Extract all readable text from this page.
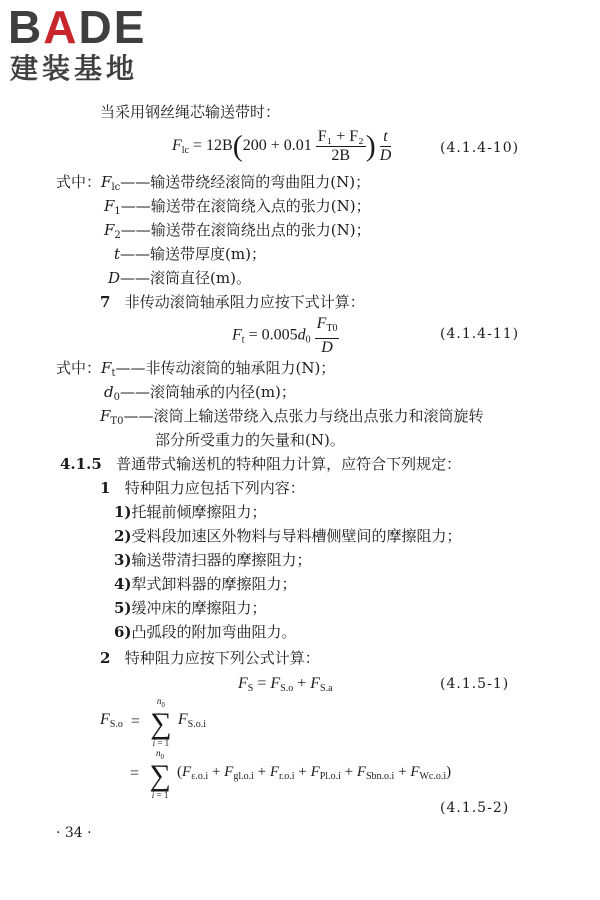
BADE
建装基地
当采用钢丝绳芯输送带时：
$F_{lc} = 12B(200 + 0.01 \frac{\text{F₁ + F₂}}{2B}$ ) $\frac{t}{D}$	(4.1.4-10)
式中：$F_{lc}——$输送带绕经滚筒的弯曲阻力(N)；
$F_1——$输送带在滚筒绕入点的张力(N)；
$F_2——$输送带在滚筒绕出点的张力(N)；
t——输送带厚度(m)；
D——滚筒直径(m)。
7 非传动滚筒轴承阻力应按下式计算：
$F_t = 0.005d_0 \frac{F_{T0}}{D}$	(4.1.4-11)
式中：$F_t——$非传动滚筒的轴承阻力(N)；
$d_0——$滚筒轴承的内径(m)；
$F_{T0}——$滚筒上输送带绕入点张力与绕出点张力和滚筒旋转
部分所受重力的矢量和(N)。
4.1.5 普通带式输送机的特种阻力计算，应符合下列规定：
1 特种阻力应包括下列内容：
1)托辊前倾摩擦阻力；
2)受料段加速区外物料与导料槽侧壁间的摩擦阻力；
3)输送带清扫器的摩擦阻力；
4)犁式卸料器的摩擦阻力；
5)缓冲床的摩擦阻力；
6)凸弧段的附加弯曲阻力。
2 特种阻力应按下列公式计算：
$F_S = F_{S.o} + F_{S.a}$	(4.1.5-1)
$F_{S.o}$ =
$n_0$
∑
i = 1
$F_{S.o.i}$
=
$n_0$
∑
i = 1
$(F_{\varepsilon.o.i} + F_{gl.o.i} + F_{r.o.i} + F_{Pl.o.i} + F_{Sbn.o.i} + F_{Wc.o.i})$
(4.1.5-2)
· 34 ·
